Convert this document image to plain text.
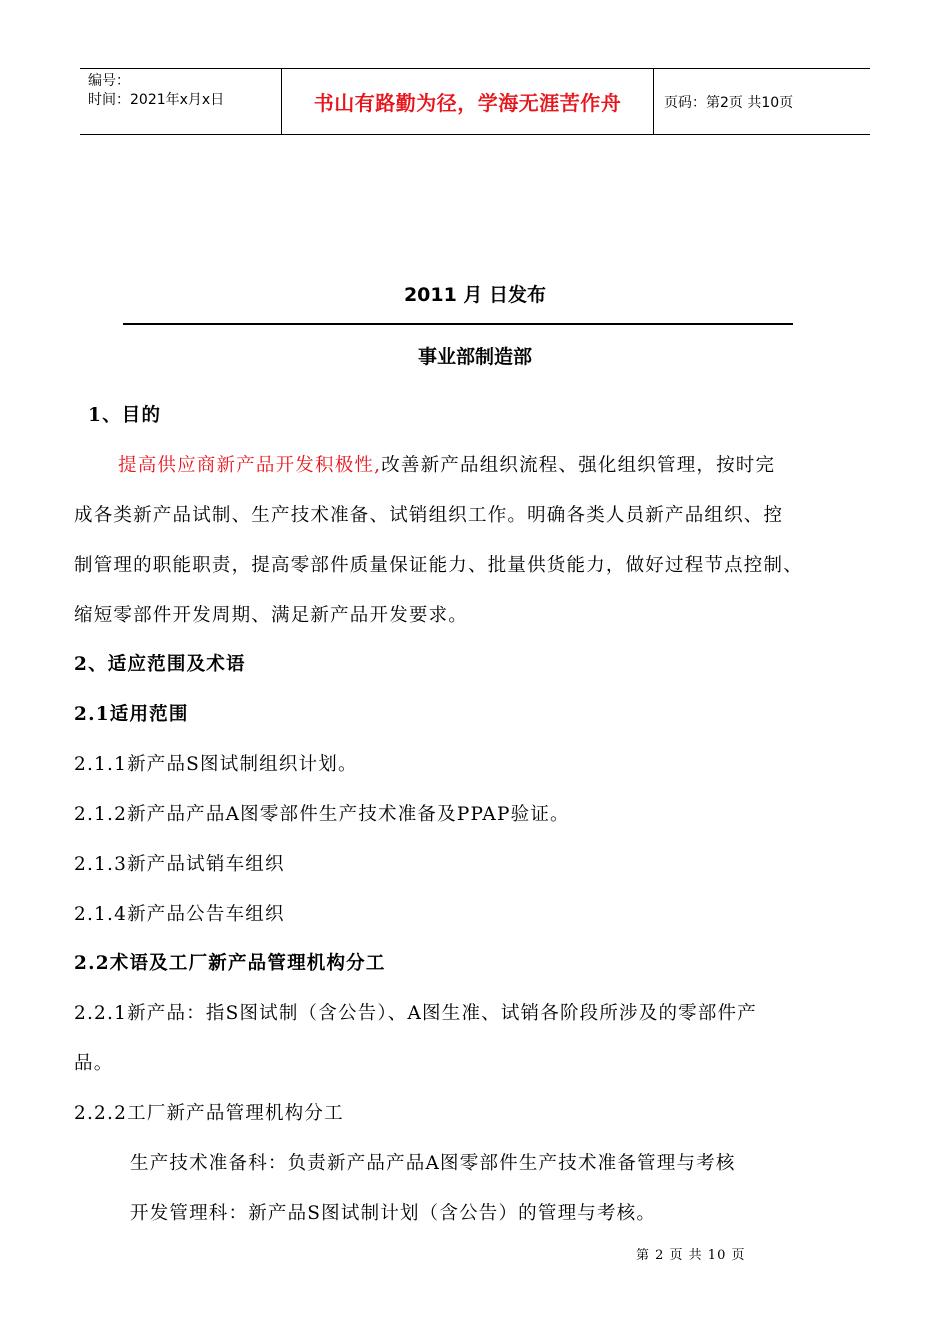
编号：
时间：2021年x月x日	书山有路勤为径，学海无涯苦作舟	页码：第2页 共10页
2011 月 日发布
事业部制造部
1、目的
提高供应商新产品开发积极性,改善新产品组织流程、强化组织管理，按时完
成各类新产品试制、生产技术准备、试销组织工作。明确各类人员新产品组织、控
制管理的职能职责，提高零部件质量保证能力、批量供货能力，做好过程节点控制、
缩短零部件开发周期、满足新产品开发要求。
2、适应范围及术语
2.1适用范围
2.1.1新产品S图试制组织计划。
2.1.2新产品产品A图零部件生产技术准备及PPAP验证。
2.1.3新产品试销车组织
2.1.4新产品公告车组织
2.2术语及工厂新产品管理机构分工
2.2.1新产品：指S图试制（含公告）、A图生准、试销各阶段所涉及的零部件产
品。
2.2.2工厂新产品管理机构分工
生产技术准备科：负责新产品产品A图零部件生产技术准备管理与考核
开发管理科：新产品S图试制计划（含公告）的管理与考核。
第 2 页 共 10 页
